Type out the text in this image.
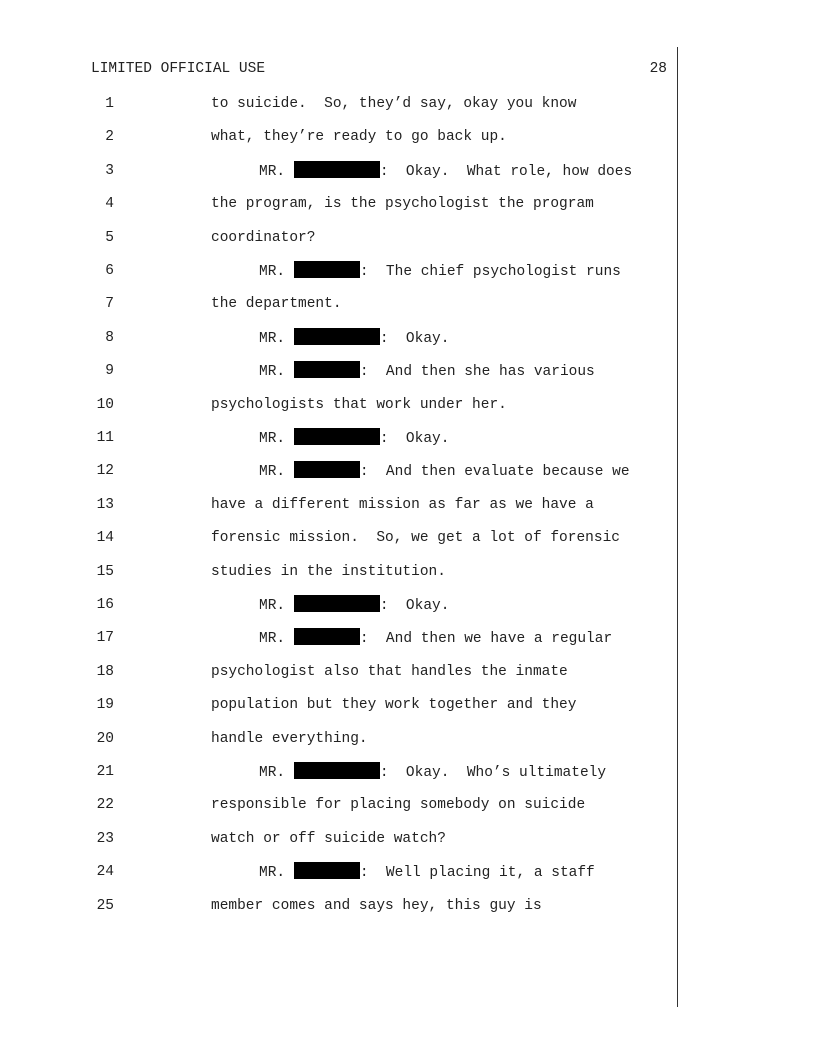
LIMITED OFFICIAL USE	28
1	to suicide.  So, they’d say, okay you know
2	what, they’re ready to go back up.
3	MR.	:  Okay.  What role, how does
4	the program, is the psychologist the program
5	coordinator?
6	MR.	:  The chief psychologist runs
7	the department.
8	MR.	:  Okay.
9	MR.	:  And then she has various
10	psychologists that work under her.
11	MR.	:  Okay.
12	MR.	:  And then evaluate because we
13	have a different mission as far as we have a
14	forensic mission.  So, we get a lot of forensic
15	studies in the institution.
16	MR.	:  Okay.
17	MR.	:  And then we have a regular
18	psychologist also that handles the inmate
19	population but they work together and they
20	handle everything.
21	MR.	:  Okay.  Who’s ultimately
22	responsible for placing somebody on suicide
23	watch or off suicide watch?
24	MR.	:  Well placing it, a staff
25	member comes and says hey, this guy is
